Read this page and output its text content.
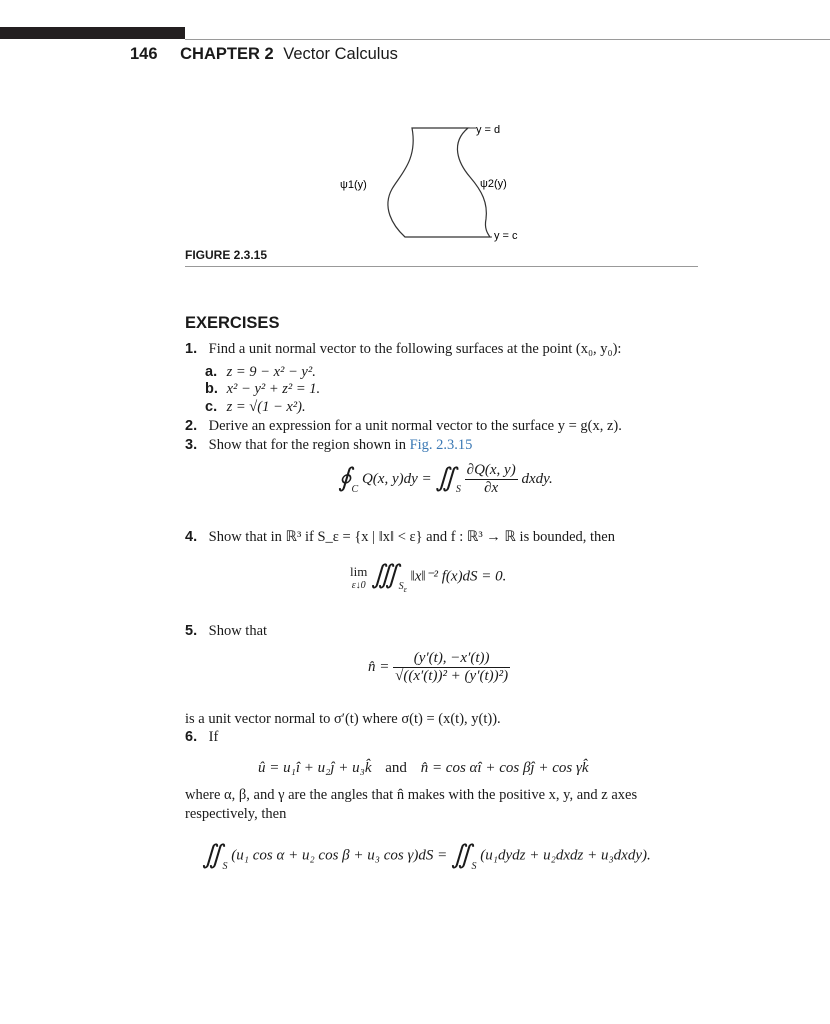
146 CHAPTER 2 Vector Calculus
y = d
y = c
ψ1(y)	ψ2(y)
FIGURE 2.3.15
EXERCISES
1. Find a unit normal vector to the following surfaces at the point (x₀, y₀):
a. z = 9 − x² − y².
b. x² − y² + z² = 1.
c. z = √(1 − x²).
2. Derive an expression for a unit normal vector to the surface y = g(x, z).
3. Show that for the region shown in Fig. 2.3.15
$∮_C$ Q(x, $y)dy = ∬_S \frac{\partial Q(x, y)}{\partial x}$ dxdy.
4. Show that in ℝ³ if S_ε = {x | ‖x‖ < ε} and f : ℝ³ → ℝ is bounded, then
lim
ε↓0 $∭_{S_\varepsilon}$ ‖x‖⁻² f(x)dS = 0.
5. Show that
n̂ = $\frac{(y'(t), -x'(t))}{\text{√((x′(t))² + (y′(t))²)}}$
is a unit vector normal to σ′(t) where σ(t) = (x(t), y(t)).
6. If
û = u₁î + u₂ĵ + u₃k̂ and n̂ = cos αî + cos βĵ + cos γk̂
where α, β, and γ are the angles that n̂ makes with the positive x, y, and z axes
respectively, then
$∬_S$ (u₁ cos α + u₂ cos β + u₃ $\cos \gamma)dS = ∬_S$ (u₁dydz + u₂dxdz + u₃dxdy).
